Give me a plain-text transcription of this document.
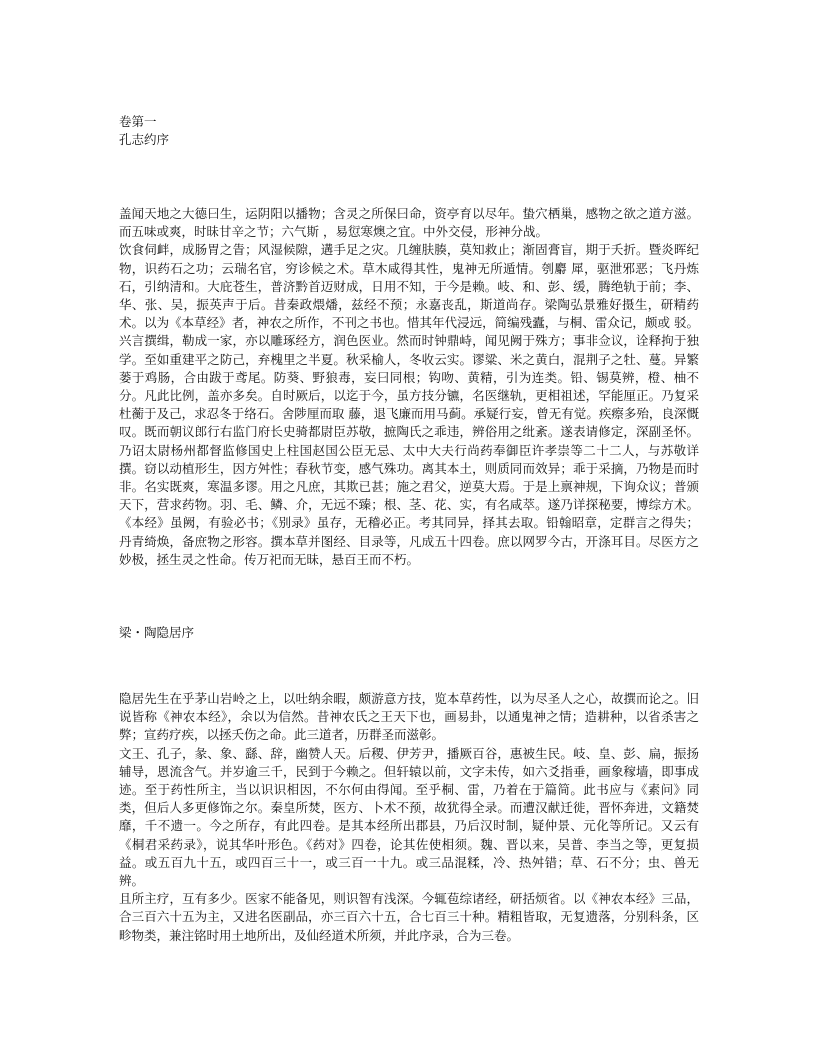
卷第一
孔志约序

盖闻天地之大德曰生，运阴阳以播物；含灵之所保曰命，资亭育以尽年。蛰穴栖巢，感物之欲之道方滋。而五味或爽，时昧甘辛之节；六气斯 ，易愆寒燠之宜。中外交侵，形神分战。

饮食伺衅，成肠胃之眚；风湿候隙，遘手足之灾。几缠肤腠，莫知救止；渐固膏盲，期于夭折。暨炎晖纪物，识药石之功；云瑞名官，穷诊候之术。草木咸得其性，鬼神无所遁情。刳麝 犀，驱泄邪恶；飞丹炼石，引纳清和。大庇苍生，普济黔首迈财成，日用不知，于今是赖。岐、和、彭、缓，腾绝轨于前；李、华、张、吴，振英声于后。昔秦政煨燔，兹经不预；永嘉丧乱，斯道尚存。梁陶弘景雅好摄生，研精药术。以为《本草经》者，神农之所作，不刊之书也。惜其年代浸远，简编残蠹，与桐、雷众记，颇或 驳。兴言撰缉，勒成一家，亦以雕琢经方，润色医业。然而时钟鼎峙，闻见阙于殊方；事非佥议，诠释拘于独学。至如重建平之防己，弃槐里之半夏。秋采榆人，冬收云实。谬粱、米之黄白，混荆子之牡、蔓。异繁蒌于鸡肠，合由跋于鸢尾。防葵、野狼毒，妄曰同根；钩吻、黄精，引为连类。铅、锡莫辨，橙、柚不分。凡此比例，盖亦多矣。自时厥后，以迄于今，虽方技分镳，名医继轨，更相祖述，罕能厘正。乃复采杜蘅于及己，求忍冬于络石。舍陟厘而取 藤，退飞廉而用马蓟。承疑行妄，曾无有觉。疾瘵多殆，良深慨叹。既而朝议郎行右监门府长史骑都尉臣苏敬，摭陶氏之乖违，辨俗用之纰紊。遂表请修定，深副圣怀。乃诏太尉杨州都督监修国史上柱国赵国公臣无忌、太中大夫行尚药奉御臣许孝崇等二十二人，与苏敬详撰。窃以动植形生，因方舛性；春秋节变，感气殊功。离其本土，则质同而效异；乖于采摘，乃物是而时非。名实既爽，寒温多谬。用之凡庶，其欺已甚；施之君父，逆莫大焉。于是上禀神规，下询众议；普颁天下，营求药物。羽、毛、鳞、介，无远不臻；根、茎、花、实，有名咸萃。遂乃详探秘要，博综方术。《本经》虽阙，有验必书；《别录》虽存，无稽必正。考其同异，择其去取。铅翰昭章，定群言之得失；丹青绮焕，备庶物之形容。撰本草并图经、目录等，凡成五十四卷。庶以网罗今古，开涤耳目。尽医方之妙极，拯生灵之性命。传万祀而无昧，悬百王而不朽。

梁・陶隐居序

隐居先生在乎茅山岩岭之上，以吐纳余暇，颇游意方技，览本草药性，以为尽圣人之心，故撰而论之。旧说皆称《神农本经》，余以为信然。昔神农氏之王天下也，画易卦，以通鬼神之情；造耕种，以省杀害之弊；宣药疗疾，以拯夭伤之命。此三道者，历群圣而滋彰。

文王、孔子，彖、象、繇、辞，幽赞人天。后稷、伊芳尹，播厥百谷，惠被生民。岐、皇、彭、扁，振扬辅导，恩流含气。并岁逾三千，民到于今赖之。但轩辕以前，文字未传，如六爻指垂，画象稼墙，即事成迹。至于药性所主，当以识识相因，不尔何由得闻。至乎桐、雷，乃着在于篇简。此书应与《素问》同类，但后人多更修饰之尔。秦皇所焚，医方、卜术不预，故犹得全录。而遭汉献迁徙，晋怀奔进，文籍焚靡，千不遗一。今之所存，有此四卷。是其本经所出郡县，乃后汉时制，疑仲景、元化等所记。又云有《桐君采药录》，说其华叶形色。《药对》四卷，论其佐使相须。魏、晋以来，吴普、李当之等，更复损益。或五百九十五，或四百三十一，或三百一十九。或三品混糅，冷、热舛错；草、石不分；虫、兽无辨。

且所主疗，互有多少。医家不能备见，则识智有浅深。今辄苞综诸经，研括烦省。以《神农本经》三品，合三百六十五为主，又进名医副品，亦三百六十五，合七百三十种。精粗皆取，无复遗落，分别科条，区畛物类，兼注铭时用土地所出，及仙经道术所须，并此序录，合为三卷。
